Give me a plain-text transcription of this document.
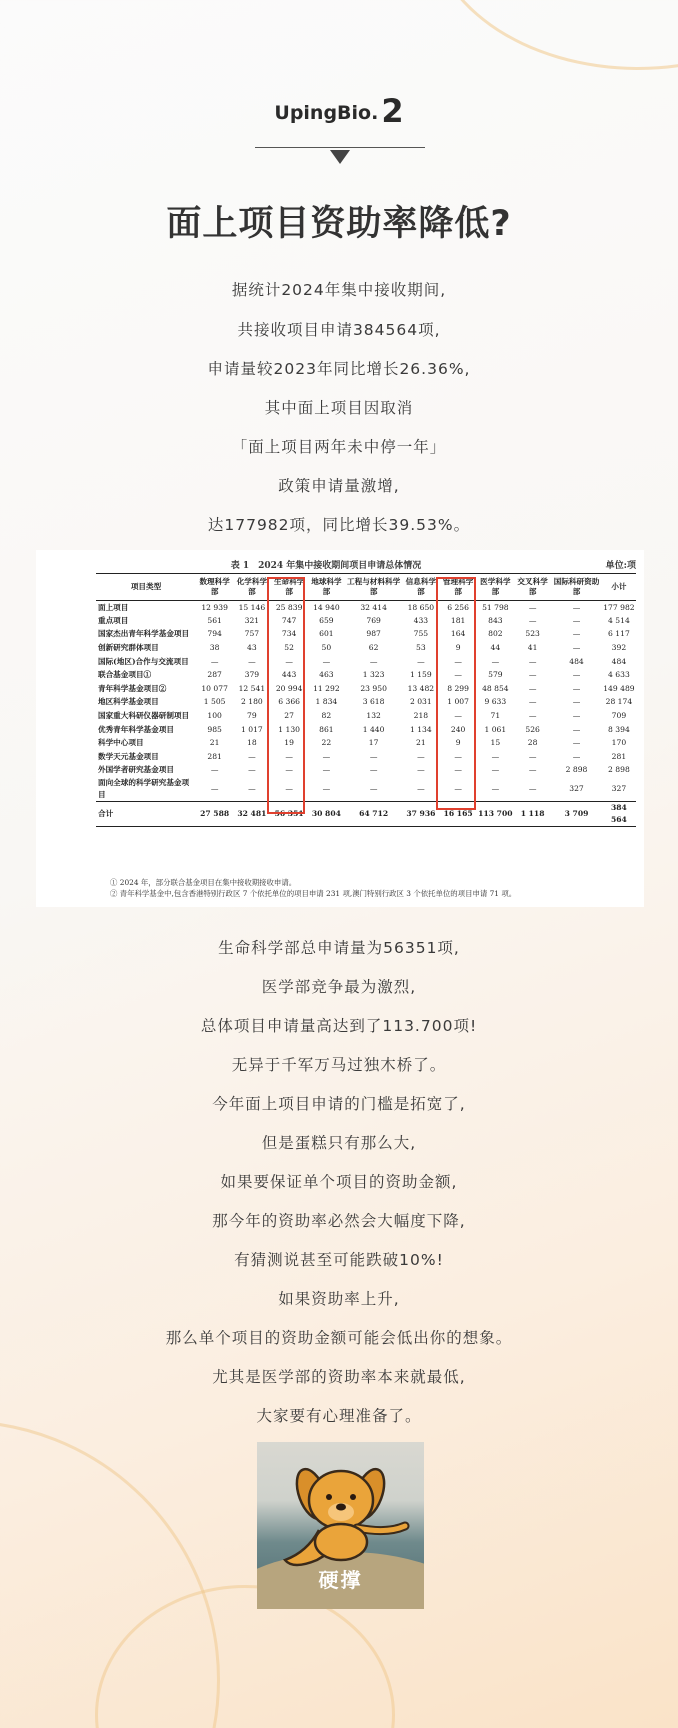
UpingBio.2
面上项目资助率降低?
据统计2024年集中接收期间,
共接收项目申请384564项,
申请量较2023年同比增长26.36%,
其中面上项目因取消
「面上项目两年未中停一年」
政策申请量激增,
达177982项，同比增长39.53%。
表 1　2024 年集中接收期间项目申请总体情况	单位:项
项目类型	数理科学部	化学科学部	生命科学部	地球科学部	工程与材料科学部	信息科学部	管理科学部	医学科学部	交叉科学部	国际科研资助部	小计
面上项目	12 939	15 146	25 839	14 940	32 414	18 650	6 256	51 798	—	—	177 982
重点项目	561	321	747	659	769	433	181	843	—	—	4 514
国家杰出青年科学基金项目	794	757	734	601	987	755	164	802	523	—	6 117
创新研究群体项目	38	43	52	50	62	53	9	44	41	—	392
国际(地区)合作与交流项目	—	—	—	—	—	—	—	—	—	484	484
联合基金项目①	287	379	443	463	1 323	1 159	—	579	—	—	4 633
青年科学基金项目②	10 077	12 541	20 994	11 292	23 950	13 482	8 299	48 854	—	—	149 489
地区科学基金项目	1 505	2 180	6 366	1 834	3 618	2 031	1 007	9 633	—	—	28 174
国家重大科研仪器研制项目	100	79	27	82	132	218	—	71	—	—	709
优秀青年科学基金项目	985	1 017	1 130	861	1 440	1 134	240	1 061	526	—	8 394
科学中心项目	21	18	19	22	17	21	9	15	28	—	170
数学天元基金项目	281	—	—	—	—	—	—	—	—	—	281
外国学者研究基金项目	—	—	—	—	—	—	—	—	—	2 898	2 898
面向全球的科学研究基金项目	—	—	—	—	—	—	—	—	—	327	327
合计	27 588	32 481	56 351	30 804	64 712	37 936	16 165	113 700	1 118	3 709	384 564
① 2024 年，部分联合基金项目在集中接收期接收申请。
② 青年科学基金中,包含香港特别行政区 7 个依托单位的项目申请 231 项,澳门特别行政区 3 个依托单位的项目申请 71 项。
生命科学部总申请量为56351项,
医学部竞争最为激烈,
总体项目申请量高达到了113.700项!
无异于千军万马过独木桥了。
今年面上项目申请的门槛是拓宽了,
但是蛋糕只有那么大,
如果要保证单个项目的资助金额,
那今年的资助率必然会大幅度下降,
有猜测说甚至可能跌破10%!
如果资助率上升,
那么单个项目的资助金额可能会低出你的想象。
尤其是医学部的资助率本来就最低,
大家要有心理准备了。
硬撑
